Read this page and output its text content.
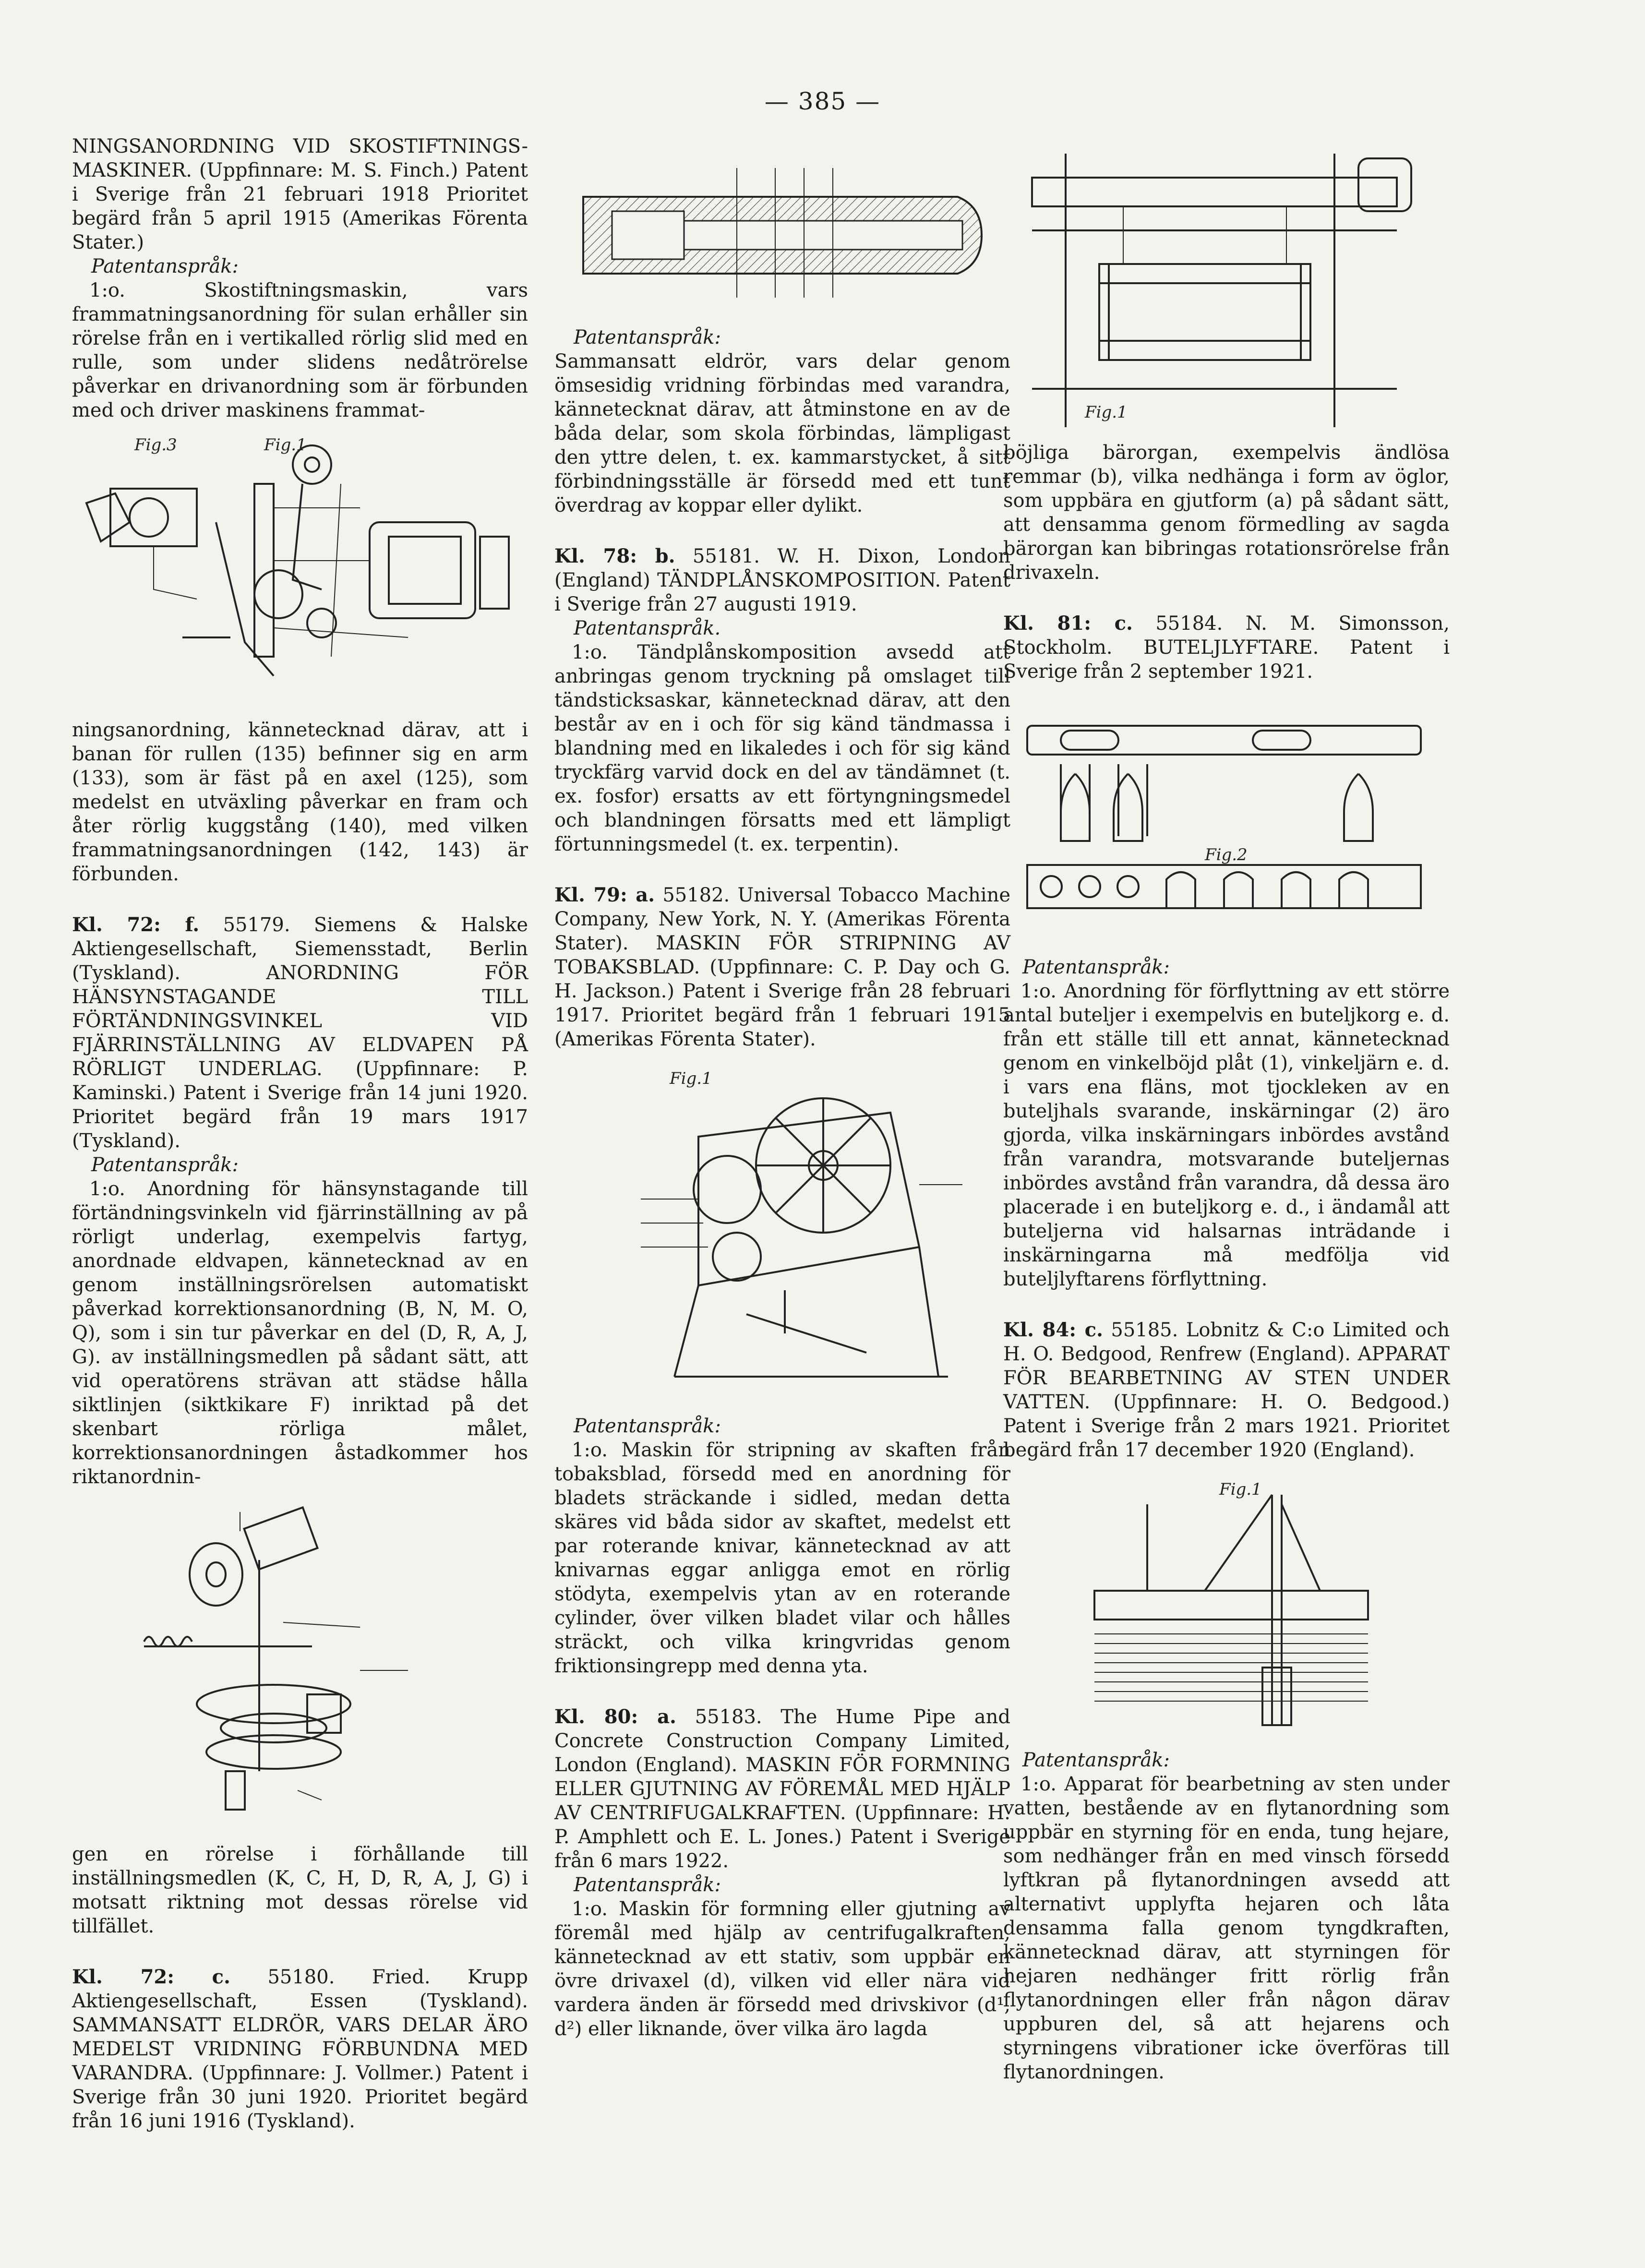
— 385 —

NINGSANORDNING VID SKOSTIFTNINGS-MASKINER. (Uppfinnare: M. S. Finch.) Patent i Sverige från 21 februari 1918 Prioritet begärd från 5 april 1915 (Amerikas Förenta Stater.)

Patentanspråk:

1:o. Skostiftningsmaskin, vars frammatningsanordning för sulan erhåller sin rörelse från en i vertikalled rörlig slid med en rulle, som under slidens nedåtrörelse påverkar en drivanordning som är förbunden med och driver maskinens frammat-

Fig.3	Fig.1

ningsanordning, kännetecknad därav, att i banan för rullen (135) befinner sig en arm (133), som är fäst på en axel (125), som medelst en utväxling påverkar en fram och åter rörlig kuggstång (140), med vilken frammatningsanordningen (142, 143) är förbunden.

Kl. 72: f. 55179. Siemens & Halske Aktiengesellschaft, Siemensstadt, Berlin (Tyskland). ANORDNING FÖR HÄNSYNSTAGANDE TILL FÖRTÄNDNINGSVINKEL VID FJÄRRINSTÄLLNING AV ELDVAPEN PÅ RÖRLIGT UNDERLAG. (Uppfinnare: P. Kaminski.) Patent i Sverige från 14 juni 1920. Prioritet begärd från 19 mars 1917 (Tyskland).

Patentanspråk:

1:o. Anordning för hänsynstagande till förtändningsvinkeln vid fjärrinställning av på rörligt underlag, exempelvis fartyg, anordnade eldvapen, kännetecknad av en genom inställningsrörelsen automatiskt påverkad korrektionsanordning (B, N, M. O, Q), som i sin tur påverkar en del (D, R, A, J, G). av inställningsmedlen på sådant sätt, att vid operatörens strävan att städse hålla siktlinjen (siktkikare F) inriktad på det skenbart rörliga målet, korrektionsanordningen åstadkommer hos riktanordnin-

gen en rörelse i förhållande till inställningsmedlen (K, C, H, D, R, A, J, G) i motsatt riktning mot dessas rörelse vid tillfället.

Kl. 72: c. 55180. Fried. Krupp Aktiengesellschaft, Essen (Tyskland). SAMMANSATT ELDRÖR, VARS DELAR ÄRO MEDELST VRIDNING FÖRBUNDNA MED VARANDRA. (Uppfinnare: J. Vollmer.) Patent i Sverige från 30 juni 1920. Prioritet begärd från 16 juni 1916 (Tyskland).

Patentanspråk:

Sammansatt eldrör, vars delar genom ömsesidig vridning förbindas med varandra, kännetecknat därav, att åtminstone en av de båda delar, som skola förbindas, lämpligast den yttre delen, t. ex. kammarstycket, å sitt förbindningsställe är försedd med ett tunt överdrag av koppar eller dylikt.

Kl. 78: b. 55181. W. H. Dixon, London (England) TÄNDPLÅNSKOMPOSITION. Patent i Sverige från 27 augusti 1919.

Patentanspråk.

1:o. Tändplånskomposition avsedd att anbringas genom tryckning på omslaget till tändsticksaskar, kännetecknad därav, att den består av en i och för sig känd tändmassa i blandning med en likaledes i och för sig känd tryckfärg varvid dock en del av tändämnet (t. ex. fosfor) ersatts av ett förtyngningsmedel och blandningen försatts med ett lämpligt förtunningsmedel (t. ex. terpentin).

Kl. 79: a. 55182. Universal Tobacco Machine Company, New York, N. Y. (Amerikas Förenta Stater). MASKIN FÖR STRIPNING AV TOBAKSBLAD. (Uppfinnare: C. P. Day och G. H. Jackson.) Patent i Sverige från 28 februari 1917. Prioritet begärd från 1 februari 1915 (Amerikas Förenta Stater).

Fig.1

Patentanspråk:

1:o. Maskin för stripning av skaften från tobaksblad, försedd med en anordning för bladets sträckande i sidled, medan detta skäres vid båda sidor av skaftet, medelst ett par roterande knivar, kännetecknad av att knivarnas eggar anligga emot en rörlig stödyta, exempelvis ytan av en roterande cylinder, över vilken bladet vilar och hålles sträckt, och vilka kringvridas genom friktionsingrepp med denna yta.

Kl. 80: a. 55183. The Hume Pipe and Concrete Construction Company Limited, London (England). MASKIN FÖR FORMNING ELLER GJUTNING AV FÖREMÅL MED HJÄLP AV CENTRIFUGALKRAFTEN. (Uppfinnare: H. P. Amphlett och E. L. Jones.) Patent i Sverige från 6 mars 1922.

Patentanspråk:

1:o. Maskin för formning eller gjutning av föremål med hjälp av centrifugalkraften, kännetecknad av ett stativ, som uppbär en övre drivaxel (d), vilken vid eller nära vid vardera änden är försedd med drivskivor (d¹, d²) eller liknande, över vilka äro lagda

Fig.1

böjliga bärorgan, exempelvis ändlösa remmar (b), vilka nedhänga i form av öglor, som uppbära en gjutform (a) på sådant sätt, att densamma genom förmedling av sagda bärorgan kan bibringas rotationsrörelse från drivaxeln.

Kl. 81: c. 55184. N. M. Simonsson, Stockholm. BUTELJLYFTARE. Patent i Sverige från 2 september 1921.

Fig.2

Patentanspråk:

1:o. Anordning för förflyttning av ett större antal buteljer i exempelvis en buteljkorg e. d. från ett ställe till ett annat, kännetecknad genom en vinkelböjd plåt (1), vinkeljärn e. d. i vars ena fläns, mot tjockleken av en buteljhals svarande, inskärningar (2) äro gjorda, vilka inskärningars inbördes avstånd från varandra, motsvarande buteljernas inbördes avstånd från varandra, då dessa äro placerade i en buteljkorg e. d., i ändamål att buteljerna vid halsarnas inträdande i inskärningarna må medfölja vid buteljlyftarens förflyttning.

Kl. 84: c. 55185. Lobnitz & C:o Limited och H. O. Bedgood, Renfrew (England). APPARAT FÖR BEARBETNING AV STEN UNDER VATTEN. (Uppfinnare: H. O. Bedgood.) Patent i Sverige från 2 mars 1921. Prioritet begärd från 17 december 1920 (England).

Fig.1

Patentanspråk:

1:o. Apparat för bearbetning av sten under vatten, bestående av en flytanordning som uppbär en styrning för en enda, tung hejare, som nedhänger från en med vinsch försedd lyftkran på flytanordningen avsedd att alternativt upplyfta hejaren och låta densamma falla genom tyngdkraften, kännetecknad därav, att styrningen för hejaren nedhänger fritt rörlig från flytanordningen eller från någon därav uppburen del, så att hejarens och styrningens vibrationer icke överföras till flytanordningen.
